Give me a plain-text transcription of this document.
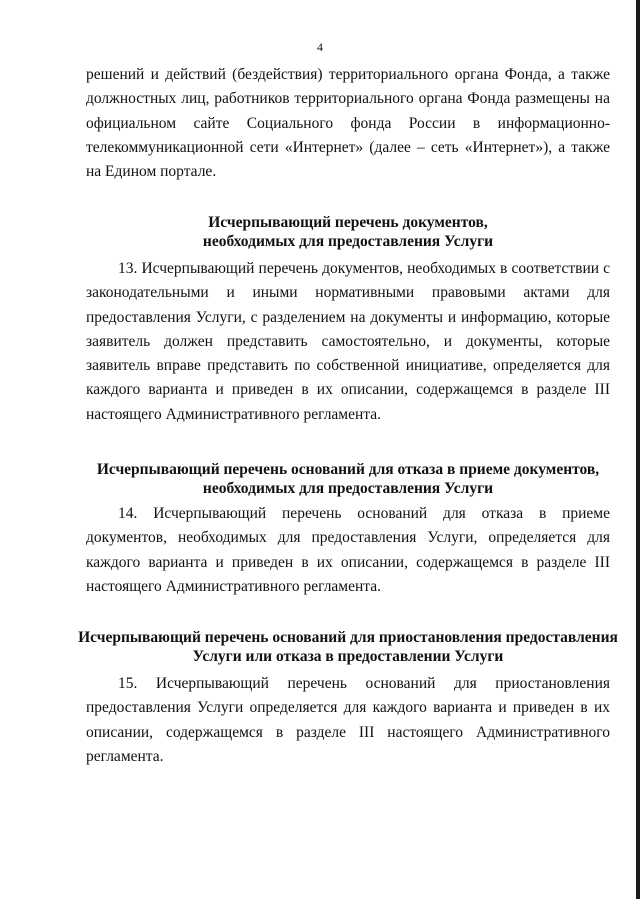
4

решений и действий (бездействия) территориального органа Фонда, а также должностных лиц, работников территориального органа Фонда размещены на официальном сайте Социального фонда России в информационно-телекоммуникационной сети «Интернет» (далее – сеть «Интернет»), а также на Едином портале.

Исчерпывающий перечень документов,
необходимых для предоставления Услуги

13. Исчерпывающий перечень документов, необходимых в соответствии с законодательными и иными нормативными правовыми актами для предоставления Услуги, с разделением на документы и информацию, которые заявитель должен представить самостоятельно, и документы, которые заявитель вправе представить по собственной инициативе, определяется для каждого варианта и приведен в их описании, содержащемся в разделе III настоящего Административного регламента.

Исчерпывающий перечень оснований для отказа в приеме документов,
необходимых для предоставления Услуги

14. Исчерпывающий перечень оснований для отказа в приеме документов, необходимых для предоставления Услуги, определяется для каждого варианта и приведен в их описании, содержащемся в разделе III настоящего Административного регламента.

Исчерпывающий перечень оснований для приостановления предоставления
Услуги или отказа в предоставлении Услуги

15. Исчерпывающий перечень оснований для приостановления предоставления Услуги определяется для каждого варианта и приведен в их описании, содержащемся в разделе III настоящего Административного регламента.
